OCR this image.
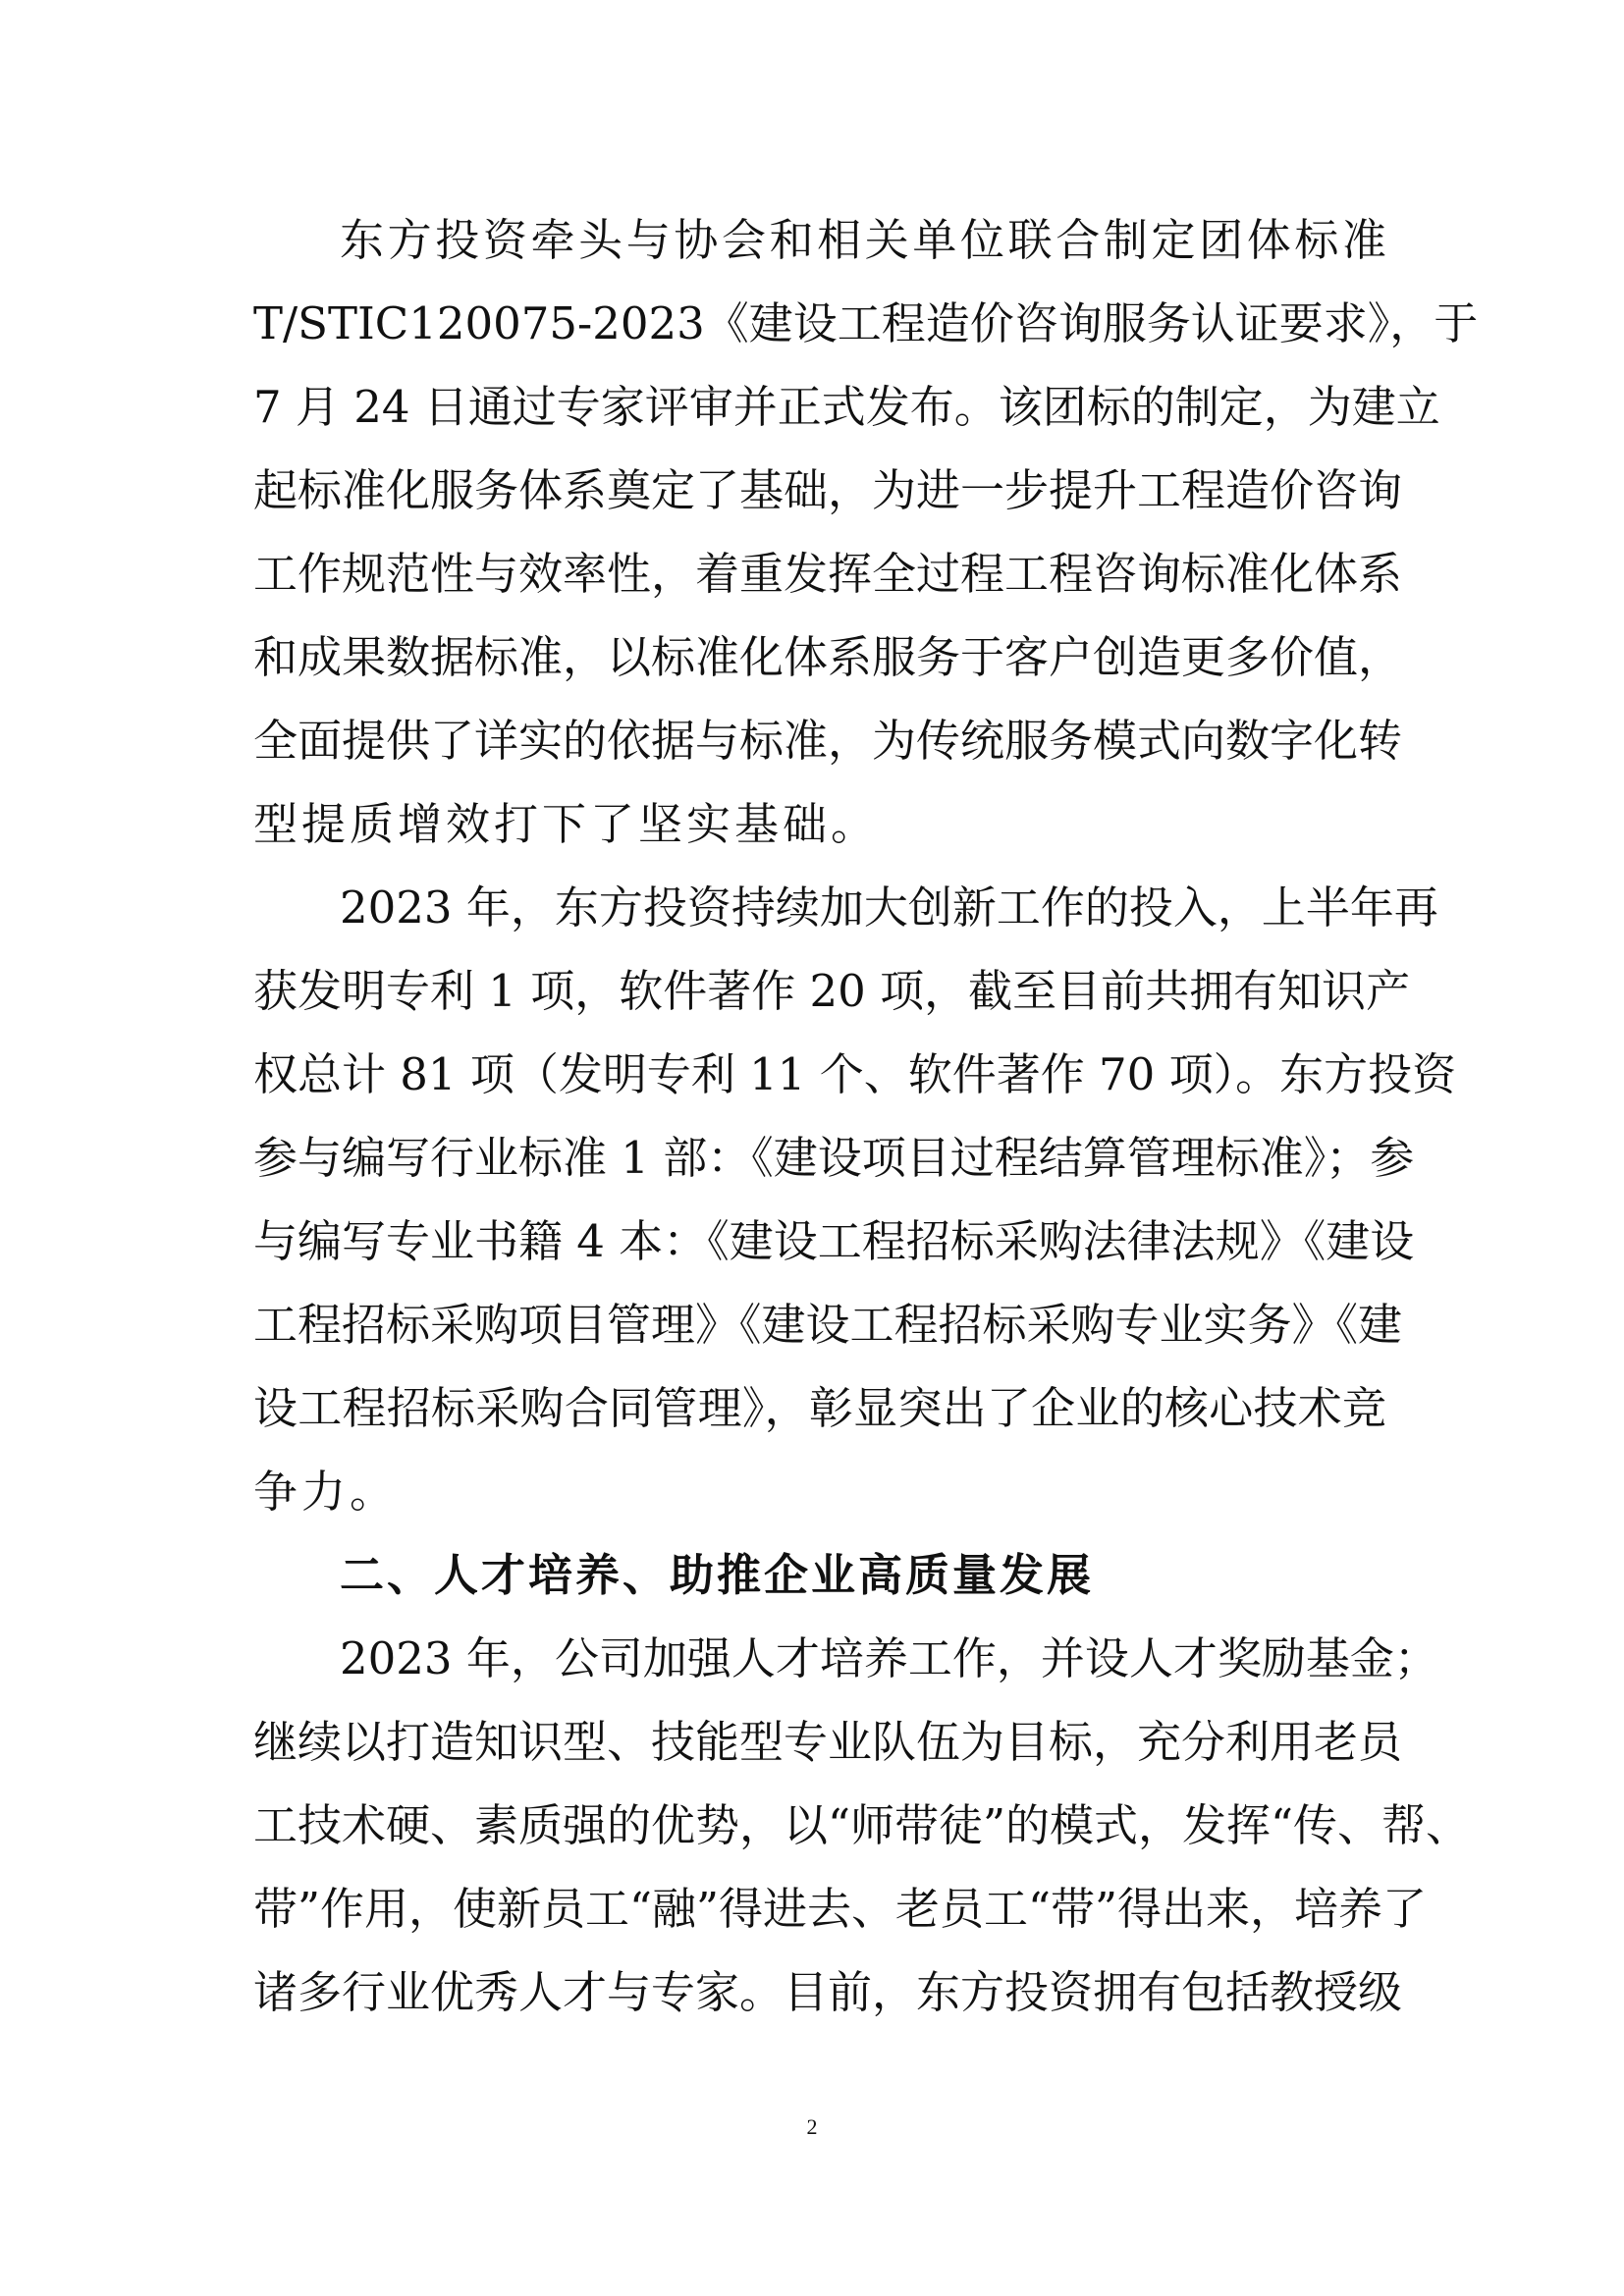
东方投资牵头与协会和相关单位联合制定团体标准
T/STIC120075-2023《建设工程造价咨询服务认证要求》，于
7 月 24 日通过专家评审并正式发布。该团标的制定，为建立
起标准化服务体系奠定了基础，为进一步提升工程造价咨询
工作规范性与效率性，着重发挥全过程工程咨询标准化体系
和成果数据标准，以标准化体系服务于客户创造更多价值，
全面提供了详实的依据与标准，为传统服务模式向数字化转
型提质增效打下了坚实基础。
2023 年，东方投资持续加大创新工作的投入，上半年再
获发明专利 1 项，软件著作 20 项，截至目前共拥有知识产
权总计 81 项（发明专利 11 个、软件著作 70 项）。东方投资
参与编写行业标准 1 部：《建设项目过程结算管理标准》；参
与编写专业书籍 4 本：《建设工程招标采购法律法规》《建设
工程招标采购项目管理》《建设工程招标采购专业实务》《建
设工程招标采购合同管理》，彰显突出了企业的核心技术竞
争力。
二、人才培养、助推企业高质量发展
2023 年，公司加强人才培养工作，并设人才奖励基金；
继续以打造知识型、技能型专业队伍为目标，充分利用老员
工技术硬、素质强的优势，以“师带徒”的模式，发挥“传、帮、
带”作用，使新员工“融”得进去、老员工“带”得出来，培养了
诸多行业优秀人才与专家。目前，东方投资拥有包括教授级
2
